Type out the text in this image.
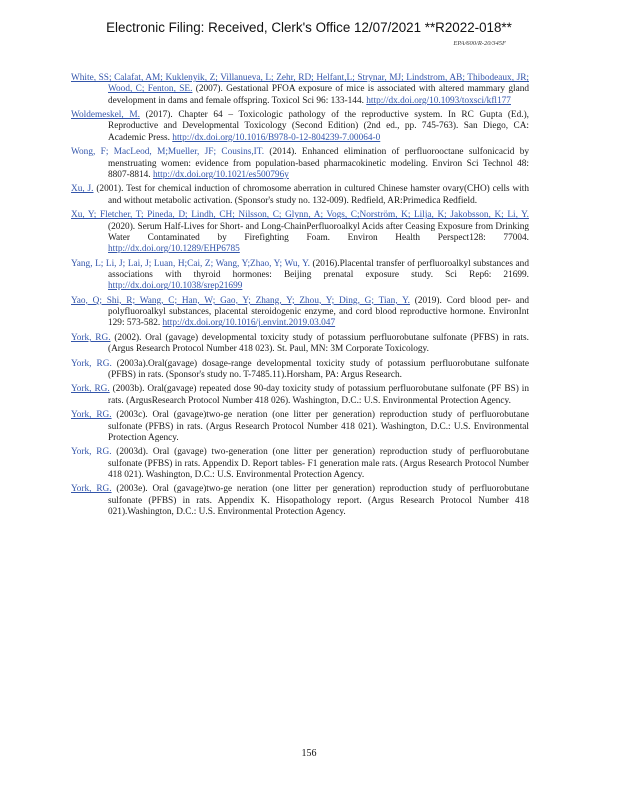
Electronic Filing: Received, Clerk's Office 12/07/2021 **R2022-018**
EPA/600/R-20/345F
White, SS; Calafat, AM; Kuklenyik, Z; Villanueva, L; Zehr, RD; Helfant,L; Strynar, MJ; Lindstrom, AB; Thibodeaux, JR; Wood, C; Fenton, SE. (2007). Gestational PFOA exposure of mice is associated with altered mammary gland development in dams and female offspring. Toxicol Sci 96: 133-144. http://dx.doi.org/10.1093/toxsci/kfl177
Woldemeskel, M. (2017). Chapter 64 – Toxicologic pathology of the reproductive system. In RC Gupta (Ed.), Reproductive and Developmental Toxicology (Second Edition) (2nd ed., pp. 745-763). San Diego, CA: Academic Press. http://dx.doi.org/10.1016/B978-0-12-804239-7.00064-0
Wong, F; MacLeod, M;Mueller, JF; Cousins,IT. (2014). Enhanced elimination of perfluorooctane sulfonicacid by menstruating women: evidence from population-based pharmacokinetic modeling. Environ Sci Technol 48: 8807-8814. http://dx.doi.org/10.1021/es500796y
Xu, J. (2001). Test for chemical induction of chromosome aberration in cultured Chinese hamster ovary(CHO) cells with and without metabolic activation. (Sponsor's study no. 132-009). Redfield, AR:Primedica Redfield.
Xu, Y; Fletcher, T; Pineda, D; Lindh, CH; Nilsson, C; Glynn, A; Vogs, C;Norström, K; Lilja, K; Jakobsson, K; Li, Y. (2020). Serum Half-Lives for Short- and Long-ChainPerfluoroalkyl Acids after Ceasing Exposure from Drinking Water Contaminated by Firefighting Foam. Environ Health Perspect128: 77004. http://dx.doi.org/10.1289/EHP6785
Yang, L; Li, J; Lai, J; Luan, H;Cai, Z; Wang, Y;Zhao, Y; Wu, Y. (2016).Placental transfer of perfluoroalkyl substances and associations with thyroid hormones: Beijing prenatal exposure study. Sci Rep6: 21699. http://dx.doi.org/10.1038/srep21699
Yao, Q; Shi, R; Wang, C; Han, W; Gao, Y; Zhang, Y; Zhou, Y; Ding, G; Tian, Y. (2019). Cord blood per- and polyfluoroalkyl substances, placental steroidogenic enzyme, and cord blood reproductive hormone. EnvironInt 129: 573-582. http://dx.doi.org/10.1016/j.envint.2019.03.047
York, RG. (2002). Oral (gavage) developmental toxicity study of potassium perfluorobutane sulfonate (PFBS) in rats.(Argus Research Protocol Number 418 023). St. Paul, MN: 3M Corporate Toxicology.
York, RG. (2003a).Oral(gavage) dosage-range developmental toxicity study of potassium perfluorobutane sulfonate (PFBS) in rats. (Sponsor's study no. T-7485.11).Horsham, PA: Argus Research.
York, RG. (2003b). Oral(gavage) repeated dose 90-day toxicity study of potassium perfluorobutane sulfonate (PF BS) in rats. (ArgusResearch Protocol Number 418 026). Washington, D.C.: U.S. Environmental Protection Agency.
York, RG. (2003c). Oral (gavage)two-ge neration (one litter per generation) reproduction study of perfluorobutane sulfonate (PFBS) in rats. (Argus Research Protocol Number 418 021). Washington, D.C.: U.S. Environmental Protection Agency.
York, RG. (2003d). Oral (gavage) two-generation (one litter per generation) reproduction study of perfluorobutane sulfonate (PFBS) in rats. Appendix D. Report tables- F1 generation male rats. (Argus Research Protocol Number 418 021). Washington, D.C.: U.S. Environmental Protection Agency.
York, RG. (2003e). Oral (gavage)two-ge neration (one litter per generation) reproduction study of perfluorobutane sulfonate (PFBS) in rats. Appendix K. Hisopathology report. (Argus Research Protocol Number 418 021).Washington, D.C.: U.S. Environmental Protection Agency.
156
